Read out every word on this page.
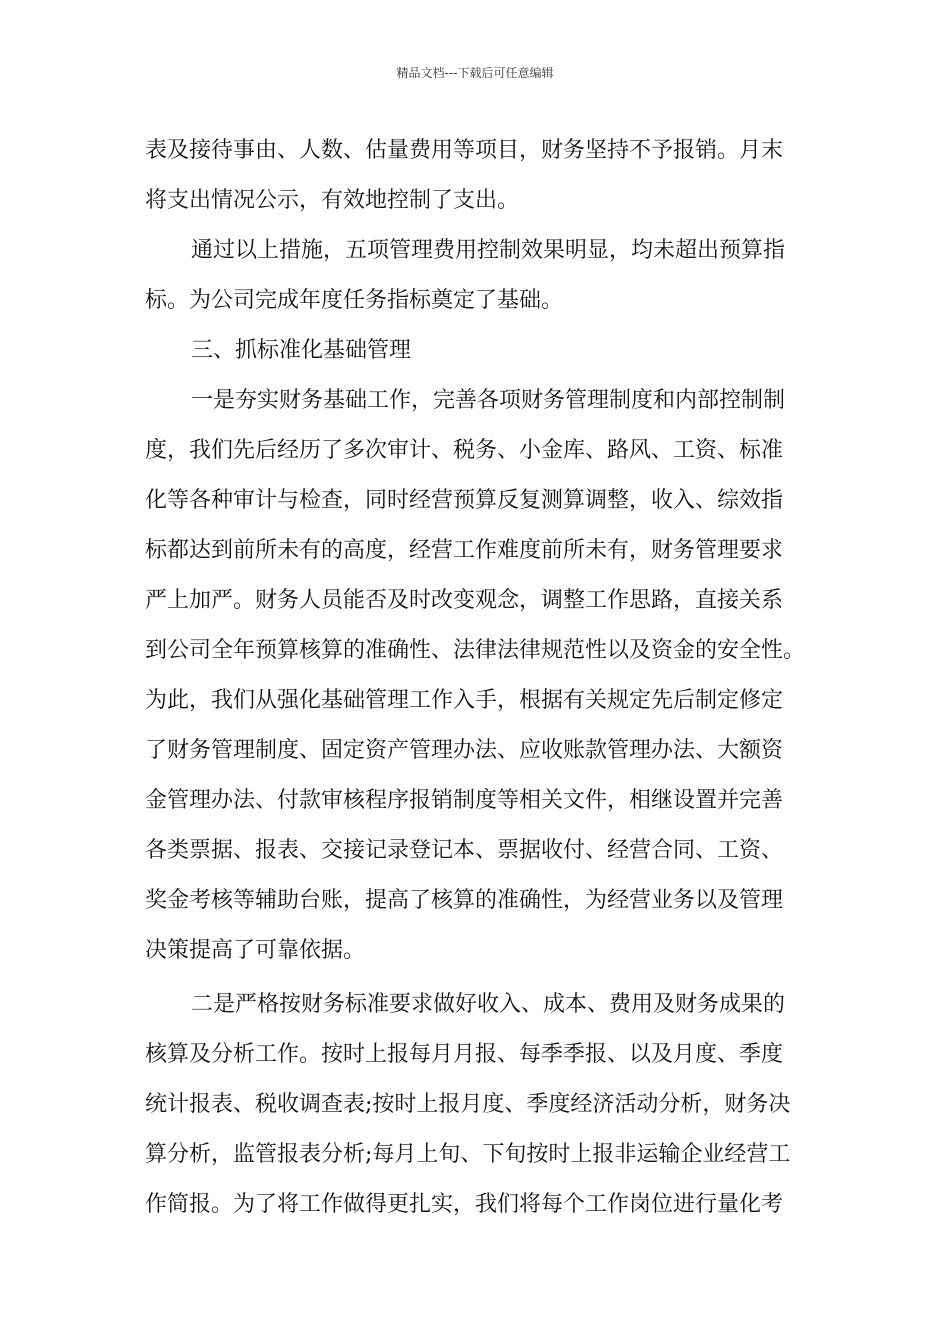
精品文档---下载后可任意编辑
表及接待事由、人数、估量费用等项目，财务坚持不予报销。月末
将支出情况公示，有效地控制了支出。
通过以上措施，五项管理费用控制效果明显，均未超出预算指
标。为公司完成年度任务指标奠定了基础。
三、抓标准化基础管理
一是夯实财务基础工作，完善各项财务管理制度和内部控制制
度，我们先后经历了多次审计、税务、小金库、路风、工资、标准
化等各种审计与检查，同时经营预算反复测算调整，收入、综效指
标都达到前所未有的高度，经营工作难度前所未有，财务管理要求
严上加严。财务人员能否及时改变观念，调整工作思路，直接关系
到公司全年预算核算的准确性、法律法律规范性以及资金的安全性。
为此，我们从强化基础管理工作入手，根据有关规定先后制定修定
了财务管理制度、固定资产管理办法、应收账款管理办法、大额资
金管理办法、付款审核程序报销制度等相关文件，相继设置并完善
各类票据、报表、交接记录登记本、票据收付、经营合同、工资、
奖金考核等辅助台账，提高了核算的准确性，为经营业务以及管理
决策提高了可靠依据。
二是严格按财务标准要求做好收入、成本、费用及财务成果的
核算及分析工作。按时上报每月月报、每季季报、以及月度、季度
统计报表、税收调查表;按时上报月度、季度经济活动分析，财务决
算分析，监管报表分析;每月上旬、下旬按时上报非运输企业经营工
作简报。为了将工作做得更扎实，我们将每个工作岗位进行量化考
